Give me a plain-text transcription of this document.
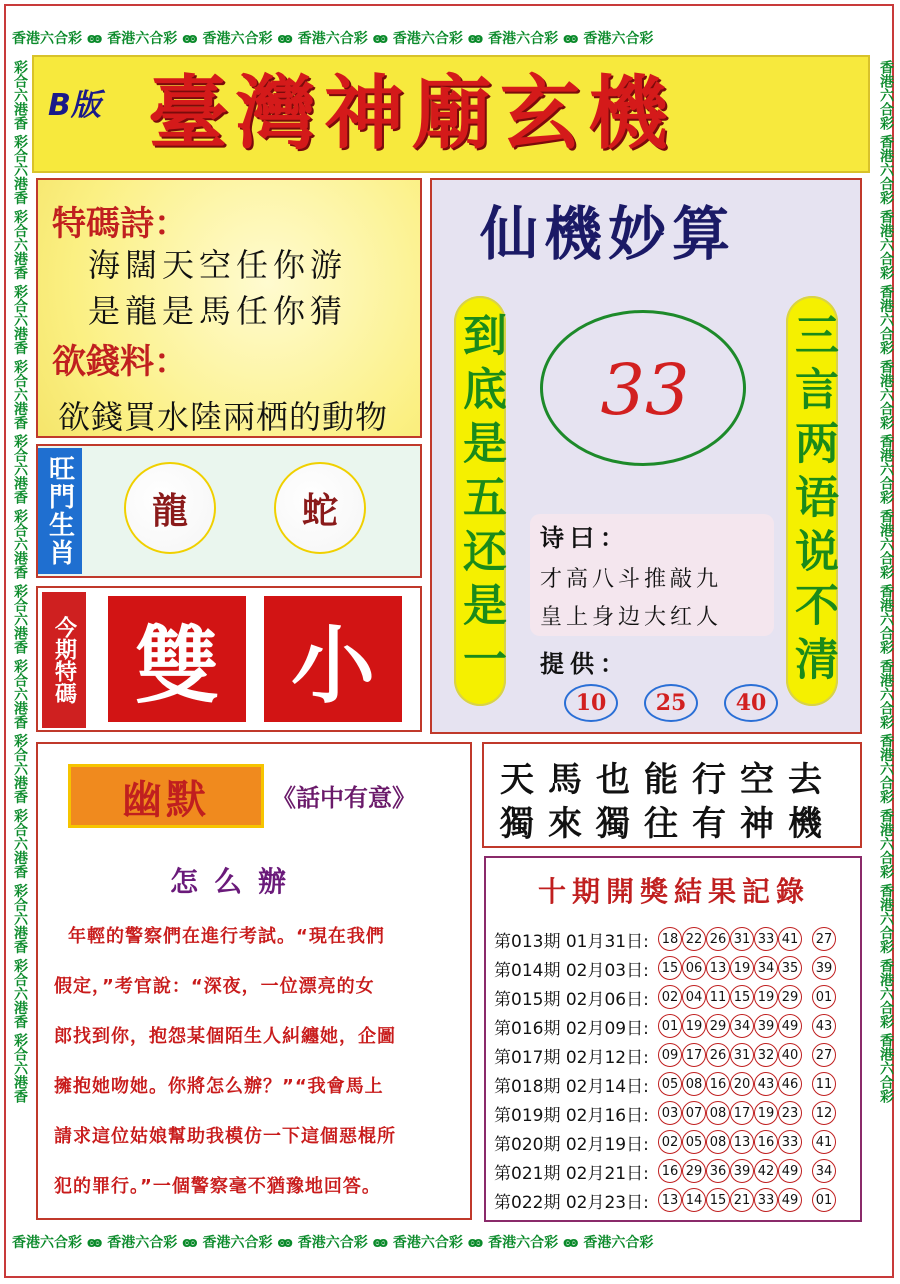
香港六合彩 ꙭ 香港六合彩 ꙭ 香港六合彩 ꙭ 香港六合彩 ꙭ 香港六合彩 ꙭ 香港六合彩 ꙭ 香港六合彩
香港六合彩 ꙭ 香港六合彩 ꙭ 香港六合彩 ꙭ 香港六合彩 ꙭ 香港六合彩 ꙭ 香港六合彩 ꙭ 香港六合彩
彩合六港香 彩合六港香 彩合六港香 彩合六港香 彩合六港香 彩合六港香 彩合六港香 彩合六港香 彩合六港香 彩合六港香 彩合六港香 彩合六港香 彩合六港香 彩合六港香	香港六合彩 香港六合彩 香港六合彩 香港六合彩 香港六合彩 香港六合彩 香港六合彩 香港六合彩 香港六合彩 香港六合彩 香港六合彩 香港六合彩 香港六合彩 香港六合彩
B版 臺灣神廟玄機
特碼詩：
海闊天空任你游
是龍是馬任你猜
欲錢料：
欲錢買水陸兩栖的動物
旺門生肖	龍	蛇
今期特碼 雙 小
仙機妙算
到底是五还是一	三言两语说不清
33
诗曰：
才高八斗推敲九
皇上身边大红人
提供：
10	25	40
幽默	《話中有意》
怎么辦
年輕的警察們在進行考試。“現在我們
假定，”考官說：“深夜，一位漂亮的女
郎找到你，抱怨某個陌生人糾纏她，企圖
擁抱她吻她。你將怎么辦？”“我會馬上
請求這位姑娘幫助我模仿一下這個惡棍所
犯的罪行。”一個警察毫不猶豫地回答。
天馬也能行空去
獨來獨往有神機
十期開獎結果記錄
第013期 01月31日: 18 22 26 31 33 41 27
第014期 02月03日: 15 06 13 19 34 35 39
第015期 02月06日: 02 04 11 15 19 29 01
第016期 02月09日: 01 19 29 34 39 49 43
第017期 02月12日: 09 17 26 31 32 40 27
第018期 02月14日: 05 08 16 20 43 46 11
第019期 02月16日: 03 07 08 17 19 23 12
第020期 02月19日: 02 05 08 13 16 33 41
第021期 02月21日: 16 29 36 39 42 49 34
第022期 02月23日: 13 14 15 21 33 49 01
